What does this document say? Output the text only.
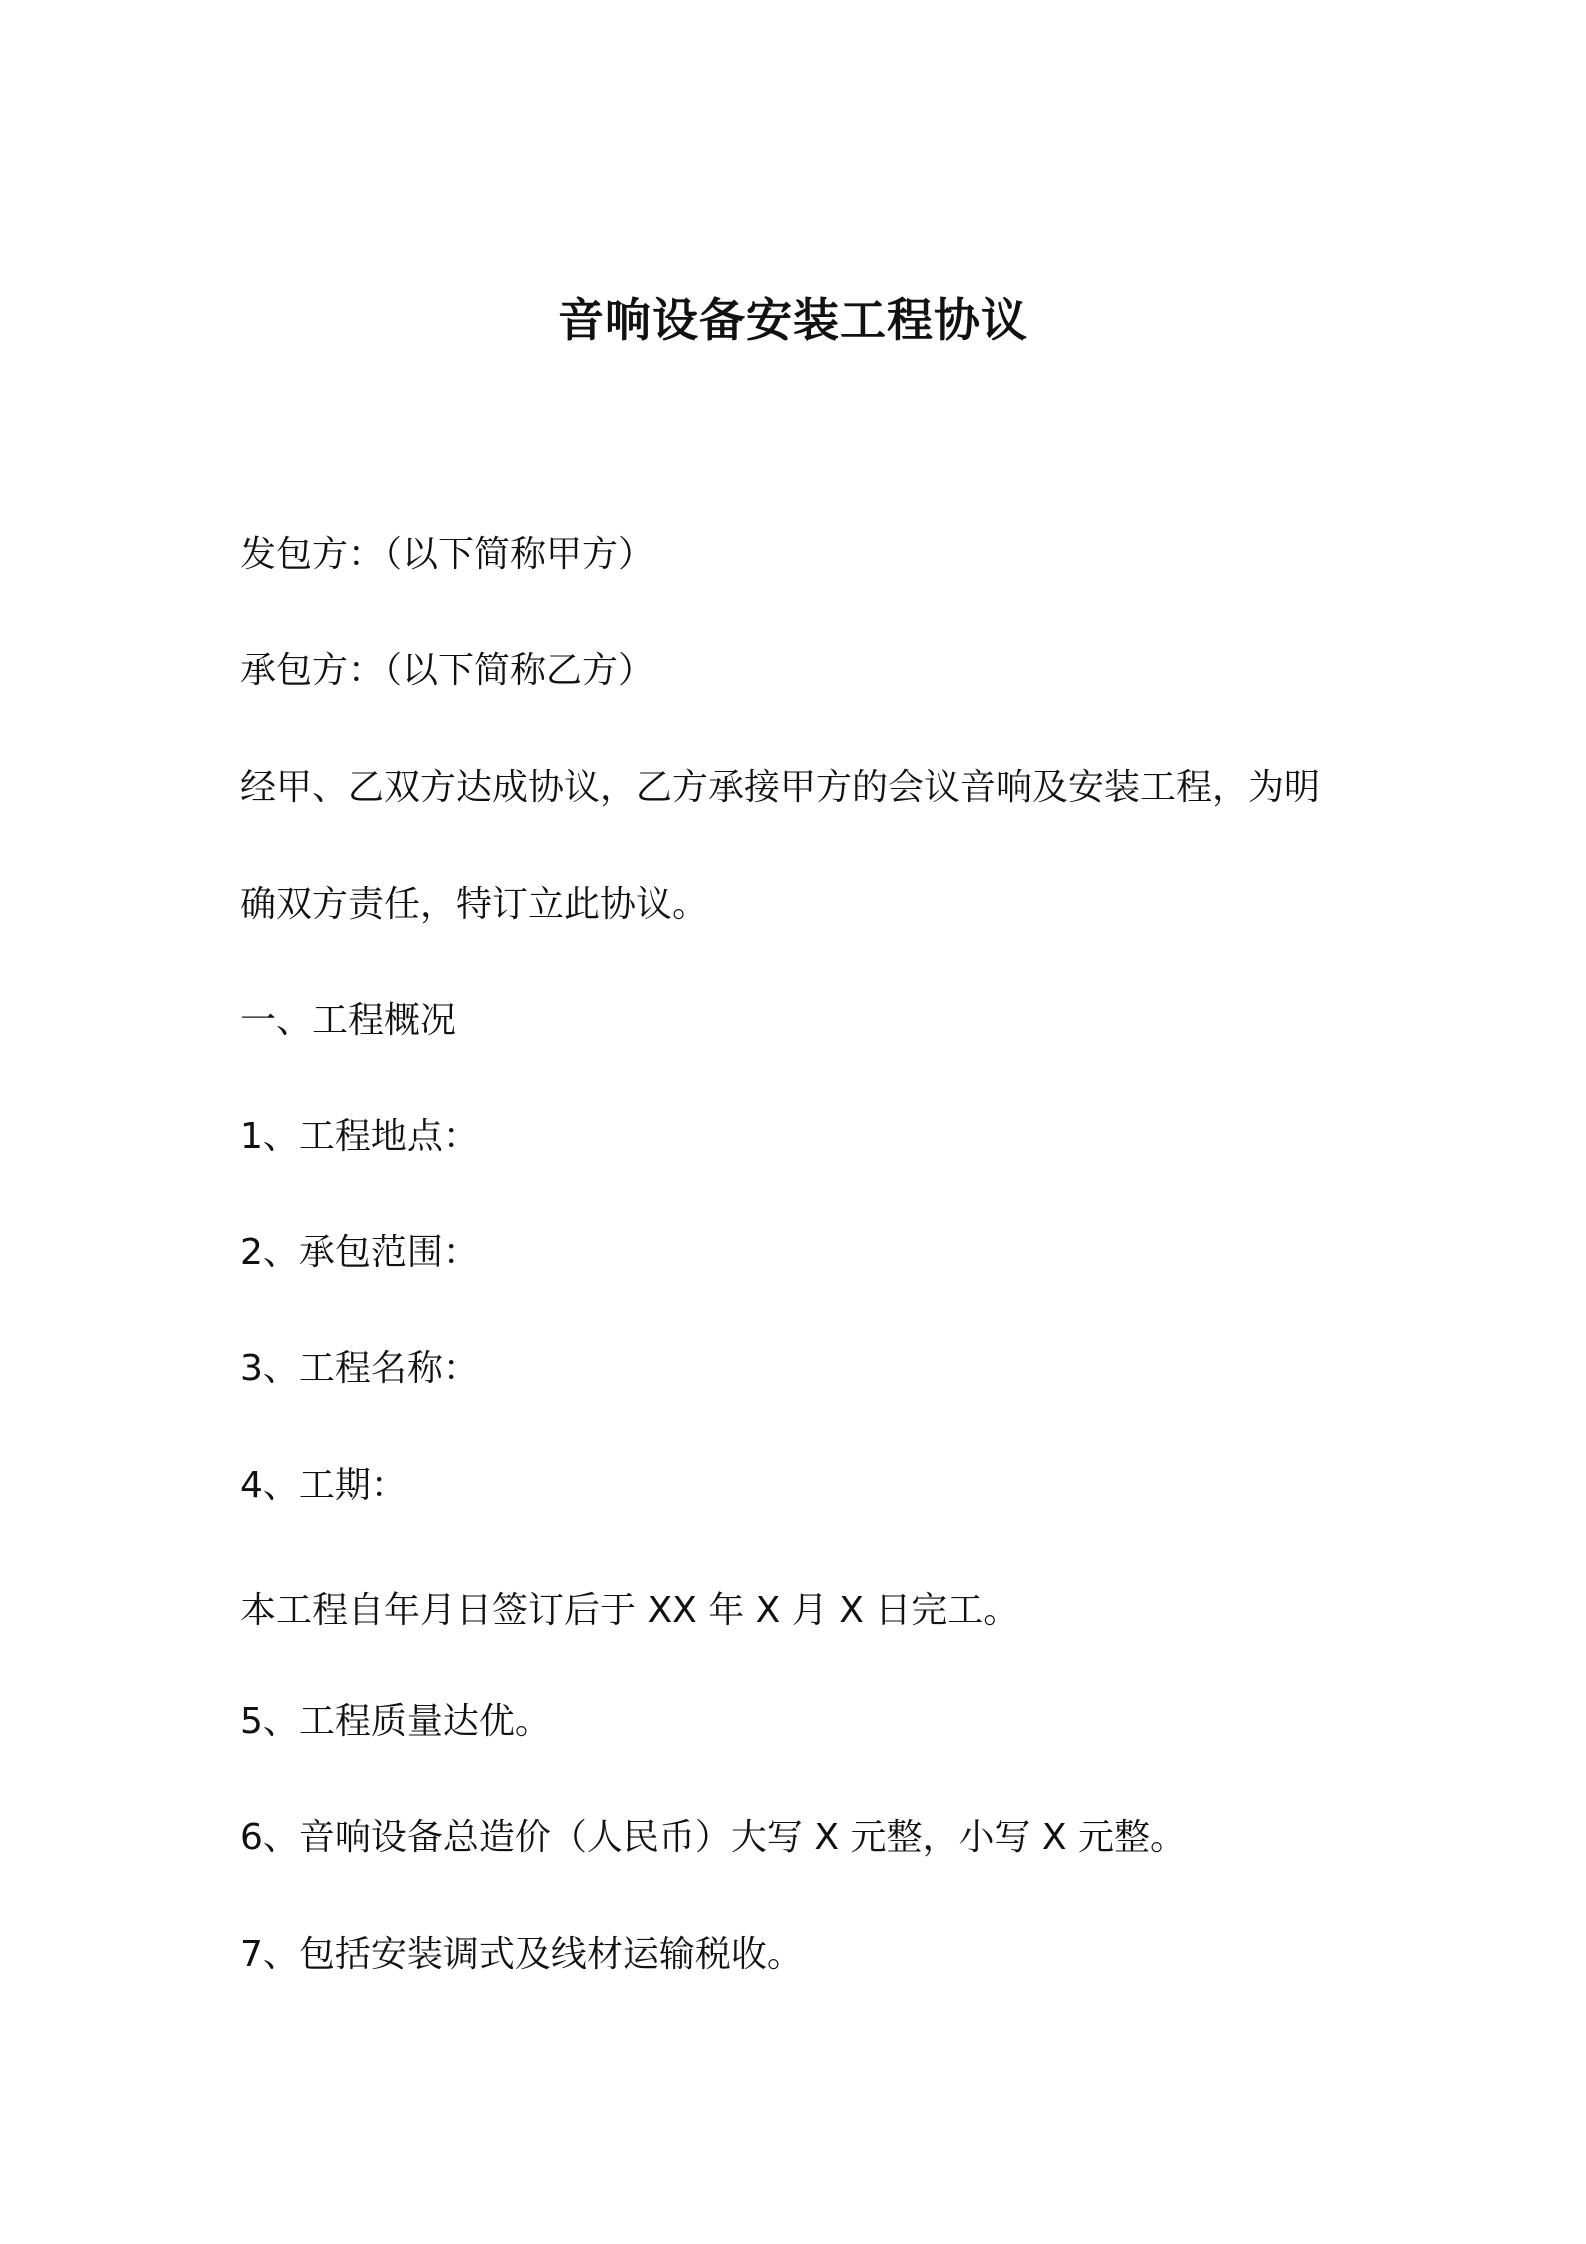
音响设备安装工程协议
发包方：（以下简称甲方）
承包方：（以下简称乙方）
经甲、乙双方达成协议，乙方承接甲方的会议音响及安装工程，为明
确双方责任，特订立此协议。
一、工程概况
1、工程地点：
2、承包范围：
3、工程名称：
4、工期：
本工程自年月日签订后于 XX 年 X 月 X 日完工。
5、工程质量达优。
6、音响设备总造价（人民币）大写 X 元整，小写 X 元整。
7、包括安装调式及线材运输税收。
